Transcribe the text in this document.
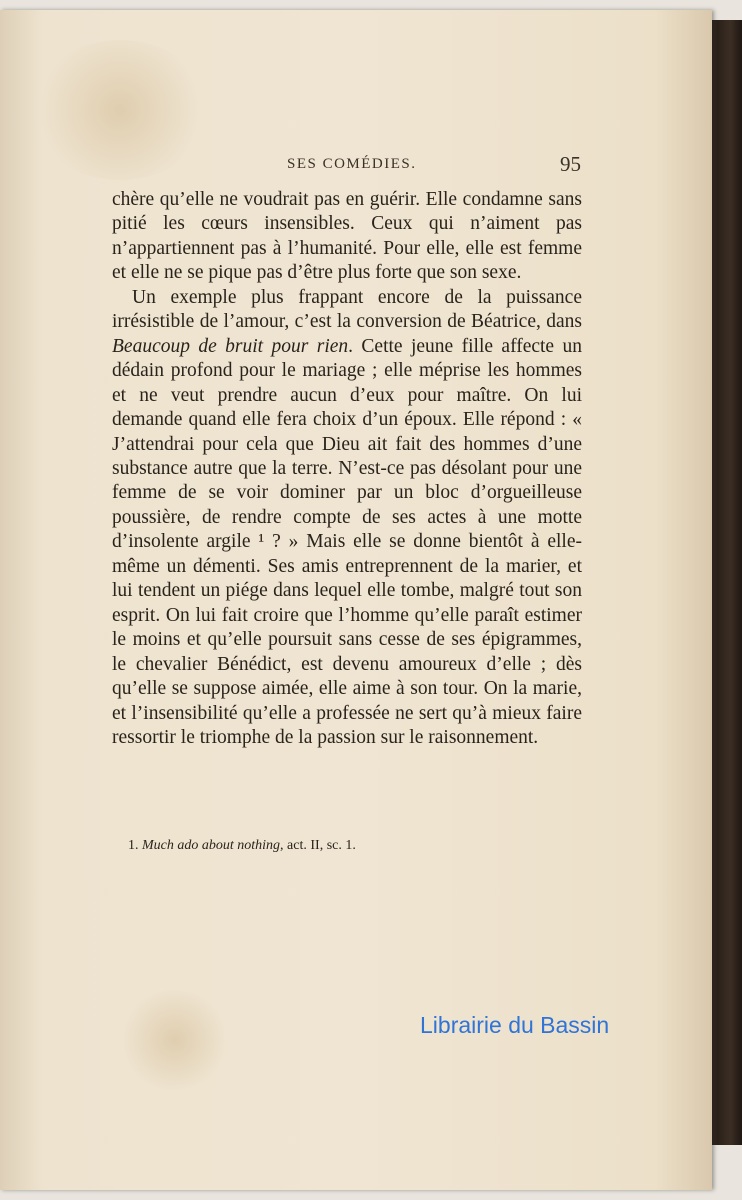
SES COMÉDIES.	95

chère qu’elle ne voudrait pas en guérir. Elle condamne sans pitié les cœurs insensibles. Ceux qui n’aiment pas n’appartiennent pas à l’humanité. Pour elle, elle est femme et elle ne se pique pas d’être plus forte que son sexe.

Un exemple plus frappant encore de la puissance irrésistible de l’amour, c’est la conversion de Béatrice, dans Beaucoup de bruit pour rien. Cette jeune fille affecte un dédain profond pour le mariage ; elle méprise les hommes et ne veut prendre aucun d’eux pour maître. On lui demande quand elle fera choix d’un époux. Elle répond : « J’attendrai pour cela que Dieu ait fait des hommes d’une substance autre que la terre. N’est-ce pas désolant pour une femme de se voir dominer par un bloc d’orgueilleuse poussière, de rendre compte de ses actes à une motte d’insolente argile ¹ ? » Mais elle se donne bientôt à elle-même un démenti. Ses amis entreprennent de la marier, et lui tendent un piége dans lequel elle tombe, malgré tout son esprit. On lui fait croire que l’homme qu’elle paraît estimer le moins et qu’elle poursuit sans cesse de ses épigrammes, le chevalier Bénédict, est devenu amoureux d’elle ; dès qu’elle se suppose aimée, elle aime à son tour. On la marie, et l’insensibilité qu’elle a professée ne sert qu’à mieux faire ressortir le triomphe de la passion sur le raisonnement.

1. Much ado about nothing, act. II, sc. 1.
Librairie du Bassin
